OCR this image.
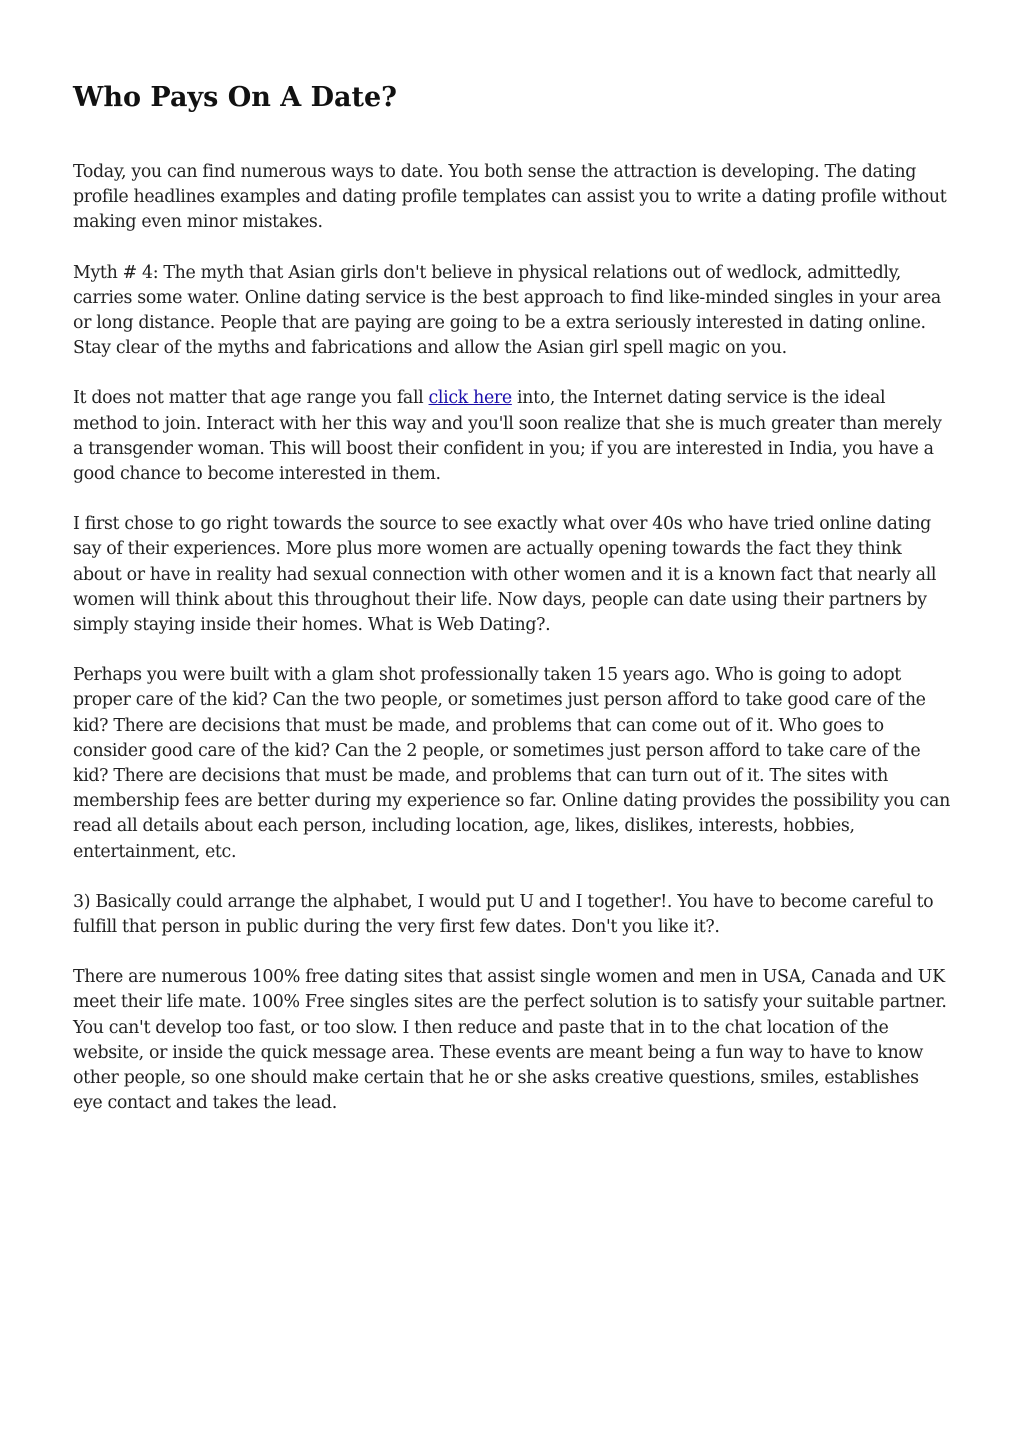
Who Pays On A Date?

Today, you can find numerous ways to date. You both sense the attraction is developing. The dating profile headlines examples and dating profile templates can assist you to write a dating profile without making even minor mistakes.

Myth # 4: The myth that Asian girls don't believe in physical relations out of wedlock, admittedly, carries some water. Online dating service is the best approach to find like-minded singles in your area or long distance. People that are paying are going to be a extra seriously interested in dating online. Stay clear of the myths and fabrications and allow the Asian girl spell magic on you.

It does not matter that age range you fall click here into, the Internet dating service is the ideal method to join. Interact with her this way and you'll soon realize that she is much greater than merely a transgender woman. This will boost their confident in you; if you are interested in India, you have a good chance to become interested in them.

I first chose to go right towards the source to see exactly what over 40s who have tried online dating say of their experiences. More plus more women are actually opening towards the fact they think about or have in reality had sexual connection with other women and it is a known fact that nearly all women will think about this throughout their life. Now days, people can date using their partners by simply staying inside their homes. What is Web Dating?.

Perhaps you were built with a glam shot professionally taken 15 years ago. Who is going to adopt proper care of the kid? Can the two people, or sometimes just person afford to take good care of the kid? There are decisions that must be made, and problems that can come out of it. Who goes to consider good care of the kid? Can the 2 people, or sometimes just person afford to take care of the kid? There are decisions that must be made, and problems that can turn out of it. The sites with membership fees are better during my experience so far. Online dating provides the possibility you can read all details about each person, including location, age, likes, dislikes, interests, hobbies, entertainment, etc.

3) Basically could arrange the alphabet, I would put U and I together!. You have to become careful to fulfill that person in public during the very first few dates. Don't you like it?.

There are numerous 100% free dating sites that assist single women and men in USA, Canada and UK meet their life mate. 100% Free singles sites are the perfect solution is to satisfy your suitable partner. You can't develop too fast, or too slow. I then reduce and paste that in to the chat location of the website, or inside the quick message area. These events are meant being a fun way to have to know other people, so one should make certain that he or she asks creative questions, smiles, establishes eye contact and takes the lead.
